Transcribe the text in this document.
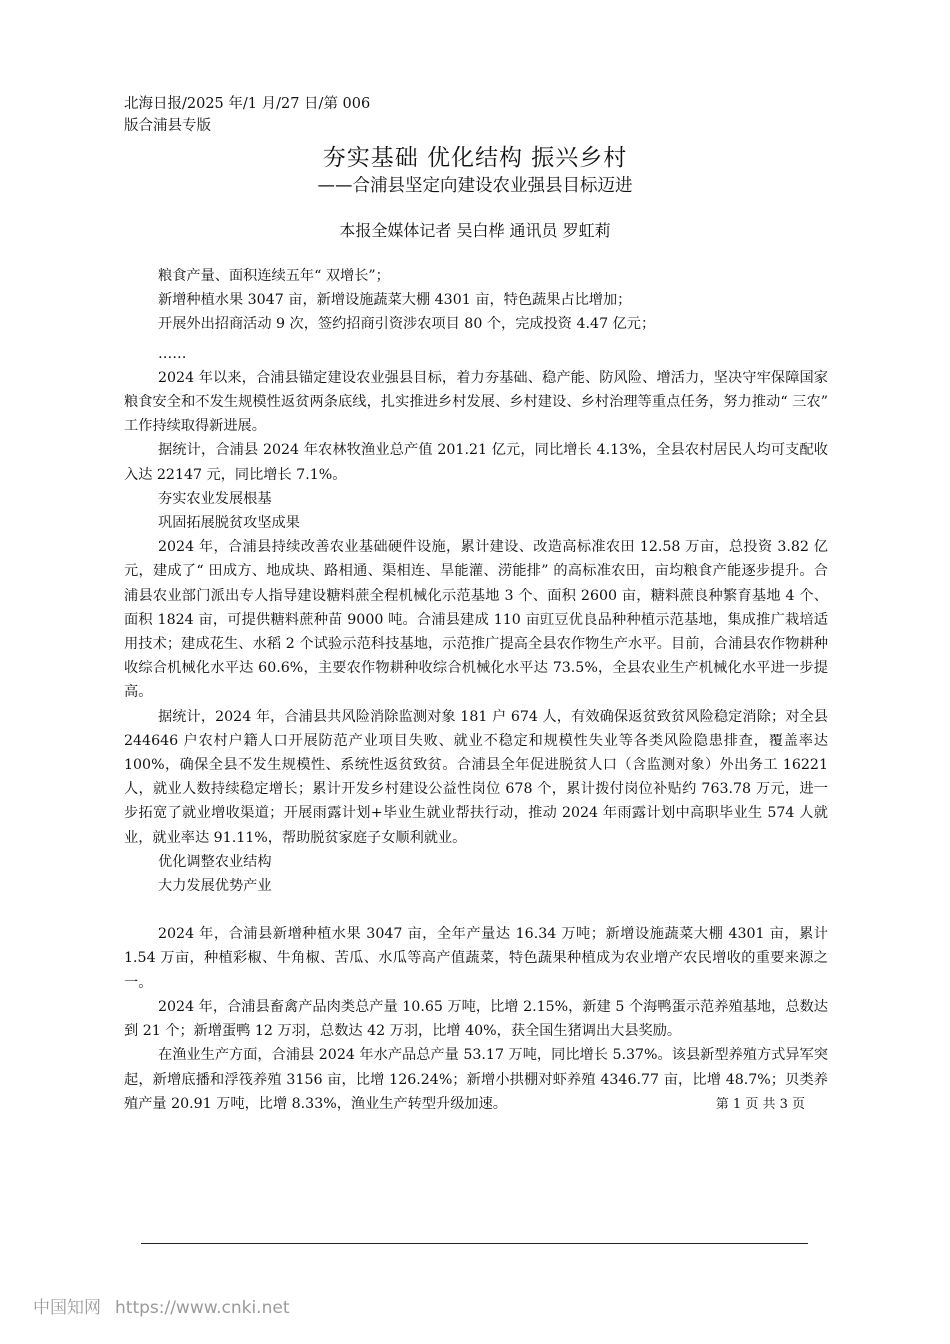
北海日报/2025 年/1 月/27 日/第 006
版合浦县专版
夯实基础 优化结构 振兴乡村
——合浦县坚定向建设农业强县目标迈进
本报全媒体记者 吴白桦 通讯员 罗虹莉

粮食产量、面积连续五年“ 双增长”；

新增种植水果 3047 亩，新增设施蔬菜大棚 4301 亩，特色蔬果占比增加；

开展外出招商活动 9 次，签约招商引资涉农项目 80 个，完成投资 4.47 亿元；

……

2024 年以来，合浦县锚定建设农业强县目标，着力夯基础、稳产能、防风险、增活力，坚决守牢保障国家粮食安全和不发生规模性返贫两条底线，扎实推进乡村发展、乡村建设、乡村治理等重点任务，努力推动“ 三农” 工作持续取得新进展。

据统计，合浦县 2024 年农林牧渔业总产值 201.21 亿元，同比增长 4.13%，全县农村居民人均可支配收入达 22147 元，同比增长 7.1%。

夯实农业发展根基

巩固拓展脱贫攻坚成果

2024 年，合浦县持续改善农业基础硬件设施，累计建设、改造高标准农田 12.58 万亩，总投资 3.82 亿元，建成了“ 田成方、地成块、路相通、渠相连、旱能灌、涝能排” 的高标准农田，亩均粮食产能逐步提升。合浦县农业部门派出专人指导建设糖料蔗全程机械化示范基地 3 个、面积 2600 亩，糖料蔗良种繁育基地 4 个、面积 1824 亩，可提供糖料蔗种苗 9000 吨。合浦县建成 110 亩豇豆优良品种种植示范基地，集成推广栽培适用技术；建成花生、水稻 2 个试验示范科技基地，示范推广提高全县农作物生产水平。目前，合浦县农作物耕种收综合机械化水平达 60.6%，主要农作物耕种收综合机械化水平达 73.5%，全县农业生产机械化水平进一步提高。

据统计，2024 年，合浦县共风险消除监测对象 181 户 674 人，有效确保返贫致贫风险稳定消除；对全县 244646 户农村户籍人口开展防范产业项目失败、就业不稳定和规模性失业等各类风险隐患排查，覆盖率达 100%，确保全县不发生规模性、系统性返贫致贫。合浦县全年促进脱贫人口（含监测对象）外出务工 16221 人，就业人数持续稳定增长；累计开发乡村建设公益性岗位 678 个，累计拨付岗位补贴约 763.78 万元，进一步拓宽了就业增收渠道；开展雨露计划+毕业生就业帮扶行动，推动 2024 年雨露计划中高职毕业生 574 人就业，就业率达 91.11%，帮助脱贫家庭子女顺利就业。

优化调整农业结构

大力发展优势产业

2024 年，合浦县新增种植水果 3047 亩，全年产量达 16.34 万吨；新增设施蔬菜大棚 4301 亩，累计 1.54 万亩，种植彩椒、牛角椒、苦瓜、水瓜等高产值蔬菜，特色蔬果种植成为农业增产农民增收的重要来源之一。

2024 年，合浦县畜禽产品肉类总产量 10.65 万吨，比增 2.15%，新建 5 个海鸭蛋示范养殖基地，总数达到 21 个；新增蛋鸭 12 万羽，总数达 42 万羽，比增 40%，获全国生猪调出大县奖励。

在渔业生产方面，合浦县 2024 年水产品总产量 53.17 万吨，同比增长 5.37%。该县新型养殖方式异军突起，新增底播和浮筏养殖 3156 亩，比增 126.24%；新增小拱棚对虾养殖 4346.77 亩，比增 48.7%；贝类养殖产量 20.91 万吨，比增 8.33%，渔业生产转型升级加速。	第 1 页 共 3 页
中国知网 https://www.cnki.net
